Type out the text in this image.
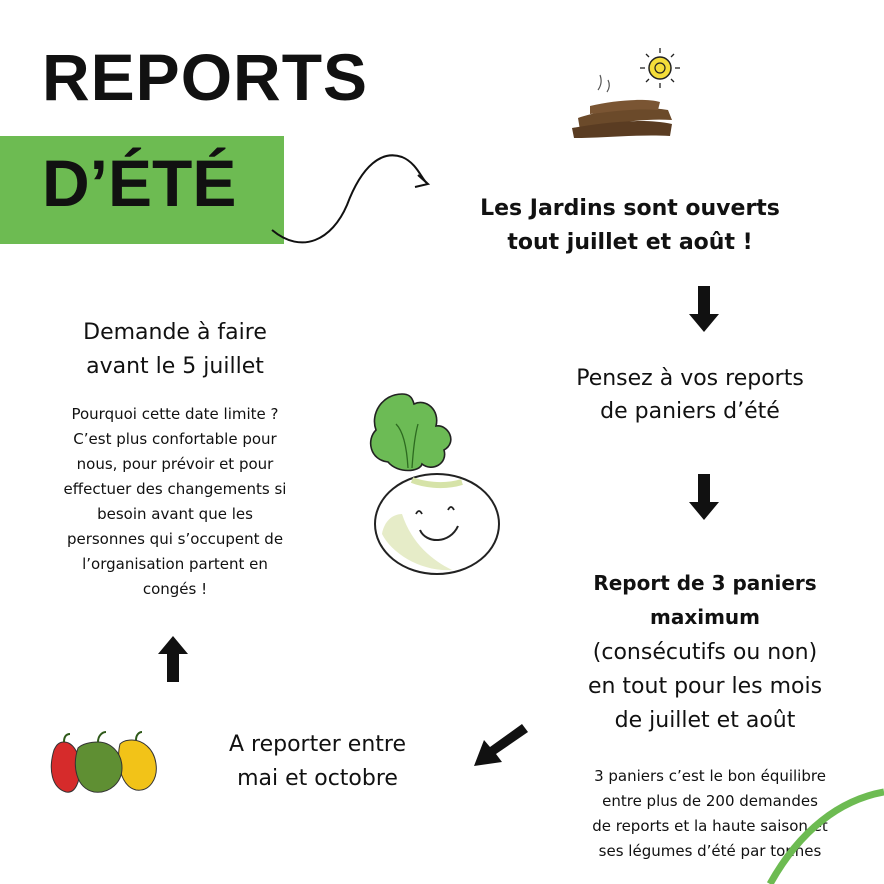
REPORTS
D’ÉTÉ	Les Jardins sont ouverts
tout juillet et août !
Pensez à vos reports
de paniers d’été
Report de 3 paniers
maximum
(consécutifs ou non)
en tout pour les mois
de juillet et août
3 paniers c’est le bon équilibre
entre plus de 200 demandes
de reports et la haute saison et
ses légumes d’été par tonnes
A reporter entre
mai et octobre
Demande à faire
avant le 5 juillet
Pourquoi cette date limite ?
C’est plus confortable pour
nous, pour prévoir et pour
effectuer des changements si
besoin avant que les
personnes qui s’occupent de
l’organisation partent en
congés !
